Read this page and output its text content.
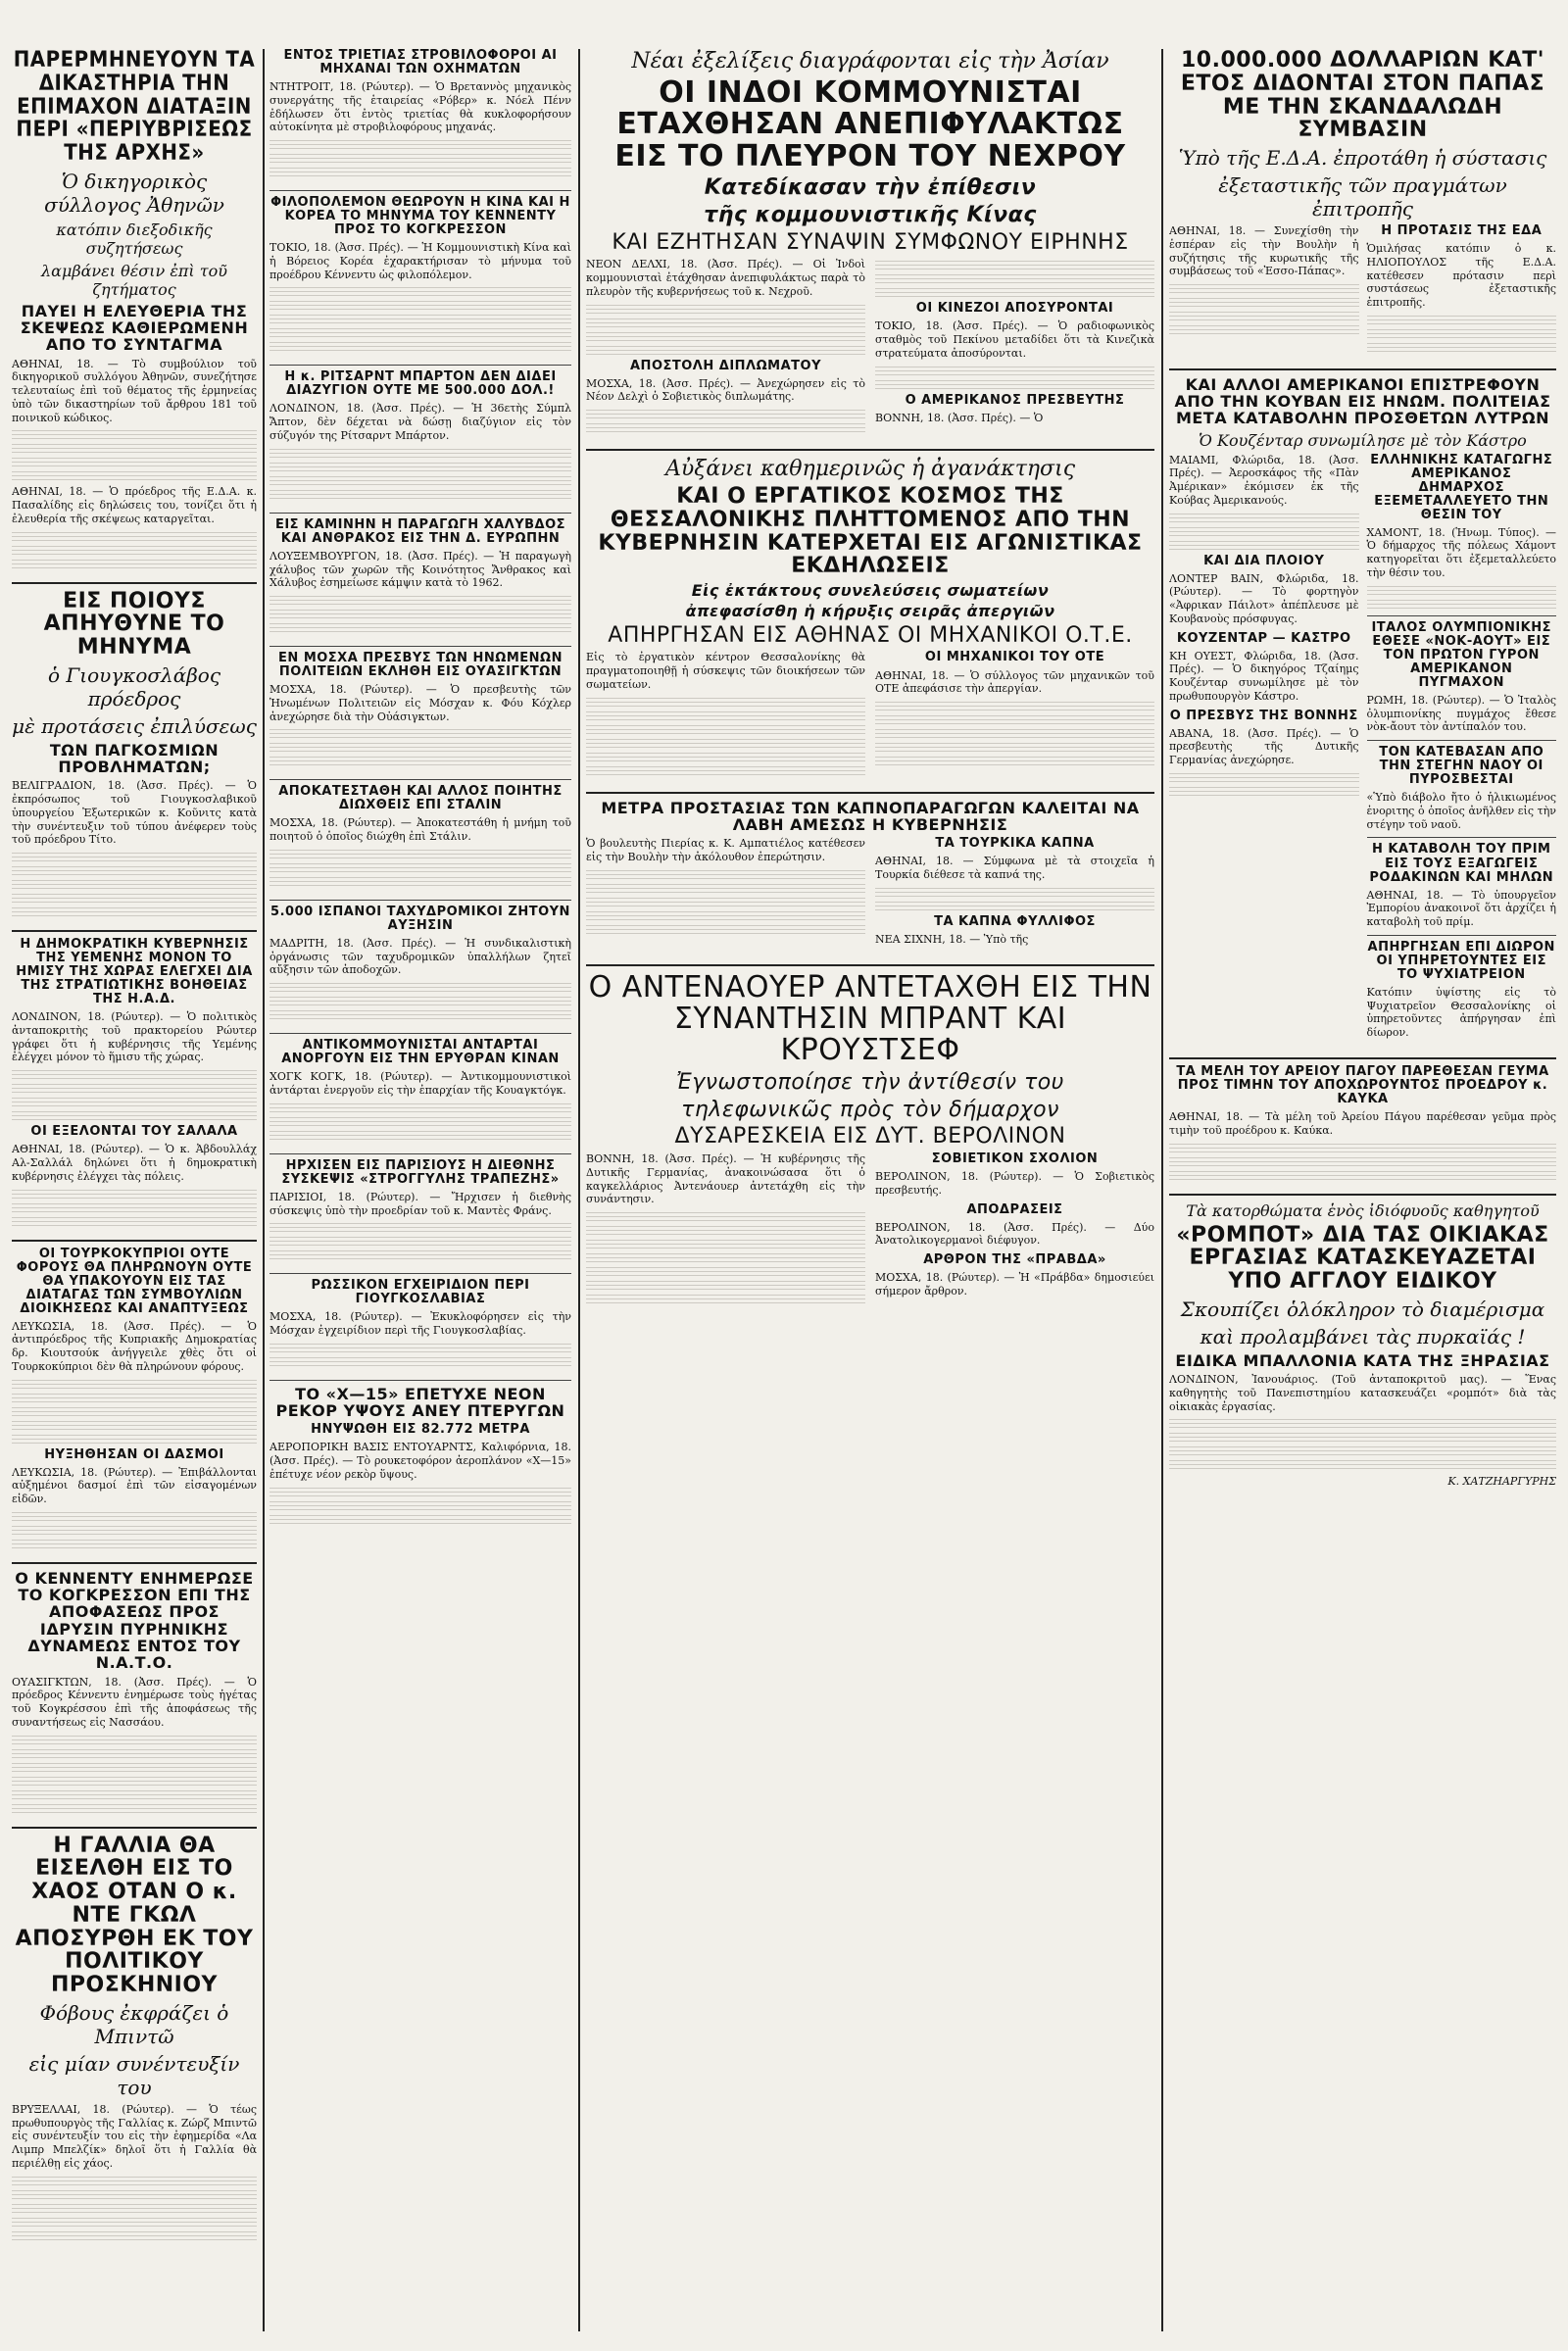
ΠΑΡΕΡΜΗΝΕΥΟΥΝ ΤΑ ΔΙΚΑΣΤΗΡΙΑ ΤΗΝ ΕΠΙΜΑΧΟΝ ΔΙΑΤΑΞΙΝ ΠΕΡΙ «ΠΕΡΙΥΒΡΙΣΕΩΣ ΤΗΣ ΑΡΧΗΣ»
Ὁ δικηγορικὸς σύλλογος Ἀθηνῶν
κατόπιν διεξοδικῆς συζητήσεως
λαμβάνει θέσιν ἐπὶ τοῦ ζητήματος
ΠΑΥΕΙ Η ΕΛΕΥΘΕΡΙΑ ΤΗΣ ΣΚΕΨΕΩΣ ΚΑΘΙΕΡΩΜΕΝΗ ΑΠΟ ΤΟ ΣΥΝΤΑΓΜΑ

ΑΘΗΝΑΙ, 18. — Τὸ συμβούλιον τοῦ δικηγορικοῦ συλλόγου Ἀθηνῶν, συνεζήτησε τελευταίως ἐπὶ τοῦ θέματος τῆς ἑρμηνείας ὑπὸ τῶν δικαστηρίων τοῦ ἄρθρου 181 τοῦ ποινικοῦ κώδικος.

ΑΘΗΝΑΙ, 18. — Ὁ πρόεδρος τῆς Ε.Δ.Α. κ. Πασαλίδης εἰς δηλώσεις του, τονίζει ὅτι ἡ ἐλευθερία τῆς σκέψεως καταργεῖται.

ΕΙΣ ΠΟΙΟΥΣ ΑΠΗΥΘΥΝΕ ΤΟ ΜΗΝΥΜΑ
ὁ Γιουγκοσλάβος πρόεδρος
μὲ προτάσεις ἐπιλύσεως
ΤΩΝ ΠΑΓΚΟΣΜΙΩΝ ΠΡΟΒΛΗΜΑΤΩΝ;

ΒΕΛΙΓΡΑΔΙΟΝ, 18. (Ἀσσ. Πρές). — Ὁ ἐκπρόσωπος τοῦ Γιουγκοσλαβικοῦ ὑπουργείου Ἐξωτερικῶν κ. Κοῦνιτς κατὰ τὴν συνέντευξιν τοῦ τύπου ἀνέφερεν τοὺς τοῦ πρόεδρου Τίτο.

Η ΔΗΜΟΚΡΑΤΙΚΗ ΚΥΒΕΡΝΗΣΙΣ ΤΗΣ ΥΕΜΕΝΗΣ ΜΟΝΟΝ ΤΟ ΗΜΙΣΥ ΤΗΣ ΧΩΡΑΣ ΕΛΕΓΧΕΙ ΔΙΑ ΤΗΣ ΣΤΡΑΤΙΩΤΙΚΗΣ ΒΟΗΘΕΙΑΣ ΤΗΣ Η.Α.Δ.

ΛΟΝΔΙΝΟΝ, 18. (Ρώυτερ). — Ὁ πολιτικὸς ἀνταποκριτὴς τοῦ πρακτορείου Ρώυτερ γράφει ὅτι ἡ κυβέρνησις τῆς Υεμένης ἐλέγχει μόνον τὸ ἥμισυ τῆς χώρας.

ΟΙ ΕΞΕΛΟΝΤΑΙ ΤΟΥ ΣΑΛΑΛΑ

ΑΘΗΝΑΙ, 18. (Ρώυτερ). — Ὁ κ. Ἀβδουλλάχ Αλ-Σαλλάλ δηλώνει ὅτι ἡ δημοκρατικὴ κυβέρνησις ἐλέγχει τὰς πόλεις.

ΟΙ ΤΟΥΡΚΟΚΥΠΡΙΟΙ ΟΥΤΕ ΦΟΡΟΥΣ ΘΑ ΠΛΗΡΩΝΟΥΝ ΟΥΤΕ ΘΑ ΥΠΑΚΟΥΟΥΝ ΕΙΣ ΤΑΣ ΔΙΑΤΑΓΑΣ ΤΩΝ ΣΥΜΒΟΥΛΙΩΝ ΔΙΟΙΚΗΣΕΩΣ ΚΑΙ ΑΝΑΠΤΥΞΕΩΣ

ΛΕΥΚΩΣΙΑ, 18. (Ἀσσ. Πρές). — Ὁ ἀντιπρόεδρος τῆς Κυπριακῆς Δημοκρατίας δρ. Κιουτσούκ ἀνήγγειλε χθὲς ὅτι οἱ Τουρκοκύπριοι δὲν θὰ πληρώνουν φόρους.

ΗΥΞΗΘΗΣΑΝ ΟΙ ΔΑΣΜΟΙ

ΛΕΥΚΩΣΙΑ, 18. (Ρώυτερ). — Ἐπιβάλλονται αὐξημένοι δασμοί ἐπὶ τῶν εἰσαγομένων εἰδῶν.

Ο ΚΕΝΝΕΝΤΥ ΕΝΗΜΕΡΩΣΕ ΤΟ ΚΟΓΚΡΕΣΣΟΝ ΕΠΙ ΤΗΣ ΑΠΟΦΑΣΕΩΣ ΠΡΟΣ ΙΔΡΥΣΙΝ ΠΥΡΗΝΙΚΗΣ ΔΥΝΑΜΕΩΣ ΕΝΤΟΣ ΤΟΥ Ν.Α.Τ.Ο.

ΟΥΑΣΙΓΚΤΩΝ, 18. (Ἀσσ. Πρές). — Ὁ πρόεδρος Κέννεντυ ἐνημέρωσε τοὺς ἡγέτας τοῦ Κογκρέσσου ἐπὶ τῆς ἀποφάσεως τῆς συναντήσεως εἰς Νασσάου.

Η ΓΑΛΛΙΑ ΘΑ ΕΙΣΕΛΘΗ ΕΙΣ ΤΟ ΧΑΟΣ ΟΤΑΝ Ο κ. ΝΤΕ ΓΚΩΛ ΑΠΟΣΥΡΘΗ ΕΚ ΤΟΥ ΠΟΛΙΤΙΚΟΥ ΠΡΟΣΚΗΝΙΟΥ
Φόβους ἐκφράζει ὁ Μπιντῶ
εἰς μίαν συνέντευξίν του

ΒΡΥΞΕΛΛΑΙ, 18. (Ρώυτερ). — Ὁ τέως πρωθυπουργὸς τῆς Γαλλίας κ. Ζώρζ Μπιντῶ εἰς συνέντευξίν του εἰς τὴν ἐφημερίδα «Λα Λιμπρ Μπελζίκ» δηλοῖ ὅτι ἡ Γαλλία θὰ περιέλθῃ εἰς χάος.

ΕΝΤΟΣ ΤΡΙΕΤΙΑΣ ΣΤΡΟΒΙΛΟΦΟΡΟΙ ΑΙ ΜΗΧΑΝΑΙ ΤΩΝ ΟΧΗΜΑΤΩΝ

ΝΤΗΤΡΟΙΤ, 18. (Ρώυτερ). — Ὁ Βρεταννὸς μηχανικὸς συνεργάτης τῆς ἑταιρείας «Ρόβερ» κ. Νόελ Πένν ἐδήλωσεν ὅτι ἐντὸς τριετίας θὰ κυκλοφορήσουν αὐτοκίνητα μὲ στροβιλοφόρους μηχανάς.

ΦΙΛΟΠΟΛΕΜΟΝ ΘΕΩΡΟΥΝ Η ΚΙΝΑ ΚΑΙ Η ΚΟΡΕΑ ΤΟ ΜΗΝΥΜΑ ΤΟΥ ΚΕΝΝΕΝΤΥ ΠΡΟΣ ΤΟ ΚΟΓΚΡΕΣΣΟΝ

ΤΟΚΙΟ, 18. (Ἀσσ. Πρές). — Ἡ Κομμουνιστικὴ Κίνα καὶ ἡ Βόρειος Κορέα ἐχαρακτήρισαν τὸ μήνυμα τοῦ προέδρου Κέννεντυ ὡς φιλοπόλεμον.

Η κ. ΡΙΤΣΑΡΝΤ ΜΠΑΡΤΟΝ ΔΕΝ ΔΙΔΕΙ ΔΙΑΖΥΓΙΟΝ ΟΥΤΕ ΜΕ 500.000 ΔΟΛ.!

ΛΟΝΔΙΝΟΝ, 18. (Ἀσσ. Πρές). — Ἡ 36ετὴς Σύμπλ Ἄπτον, δὲν δέχεται νὰ δώσῃ διαζύγιον εἰς τὸν σύζυγόν της Ρίτσαρντ Μπάρτον.

ΕΙΣ ΚΑΜΙΝΗΝ Η ΠΑΡΑΓΩΓΗ ΧΑΛΥΒΔΟΣ ΚΑΙ ΑΝΘΡΑΚΟΣ ΕΙΣ ΤΗΝ Δ. ΕΥΡΩΠΗΝ

ΛΟΥΞΕΜΒΟΥΡΓΟΝ, 18. (Ἀσσ. Πρές). — Ἡ παραγωγὴ χάλυβος τῶν χωρῶν τῆς Κοινότητος Ἄνθρακος καὶ Χάλυβος ἐσημείωσε κάμψιν κατὰ τὸ 1962.

ΕΝ ΜΟΣΧΑ ΠΡΕΣΒΥΣ ΤΩΝ ΗΝΩΜΕΝΩΝ ΠΟΛΙΤΕΙΩΝ ΕΚΛΗΘΗ ΕΙΣ ΟΥΑΣΙΓΚΤΩΝ

ΜΟΣΧΑ, 18. (Ρώυτερ). — Ὁ πρεσβευτὴς τῶν Ἡνωμένων Πολιτειῶν εἰς Μόσχαν κ. Φόυ Κόχλερ ἀνεχώρησε διὰ τὴν Οὐάσιγκτων.

ΑΠΟΚΑΤΕΣΤΑΘΗ ΚΑΙ ΑΛΛΟΣ ΠΟΙΗΤΗΣ ΔΙΩΧΘΕΙΣ ΕΠΙ ΣΤΑΛΙΝ

ΜΟΣΧΑ, 18. (Ρώυτερ). — Ἀποκατεστάθη ἡ μνήμη τοῦ ποιητοῦ ὁ ὁποῖος διώχθη ἐπὶ Στάλιν.

5.000 ΙΣΠΑΝΟΙ ΤΑΧΥΔΡΟΜΙΚΟΙ ΖΗΤΟΥΝ ΑΥΞΗΣΙΝ

ΜΑΔΡΙΤΗ, 18. (Ἀσσ. Πρές). — Ἡ συνδικαλιστικὴ ὀργάνωσις τῶν ταχυδρομικῶν ὑπαλλήλων ζητεῖ αὔξησιν τῶν ἀποδοχῶν.

ΑΝΤΙΚΟΜΜΟΥΝΙΣΤΑΙ ΑΝΤΑΡΤΑΙ ΑΝΟΡΓΟΥΝ ΕΙΣ ΤΗΝ ΕΡΥΘΡΑΝ ΚΙΝΑΝ

ΧΟΓΚ ΚΟΓΚ, 18. (Ρώυτερ). — Ἀντικομμουνιστικοὶ ἀντάρται ἐνεργοῦν εἰς τὴν ἐπαρχίαν τῆς Κουαγκτόγκ.

ΗΡΧΙΣΕΝ ΕΙΣ ΠΑΡΙΣΙΟΥΣ Η ΔΙΕΘΝΗΣ ΣΥΣΚΕΨΙΣ «ΣΤΡΟΓΓΥΛΗΣ ΤΡΑΠΕΖΗΣ»

ΠΑΡΙΣΙΟΙ, 18. (Ρώυτερ). — Ἤρχισεν ἡ διεθνὴς σύσκεψις ὑπὸ τὴν προεδρίαν τοῦ κ. Μαντὲς Φράνς.

ΡΩΣΣΙΚΟΝ ΕΓΧΕΙΡΙΔΙΟΝ ΠΕΡΙ ΓΙΟΥΓΚΟΣΛΑΒΙΑΣ

ΜΟΣΧΑ, 18. (Ρώυτερ). — Ἐκυκλοφόρησεν εἰς τὴν Μόσχαν ἐγχειρίδιον περὶ τῆς Γιουγκοσλαβίας.

ΤΟ «Χ—15» ΕΠΕΤΥΧΕ ΝΕΟΝ ΡΕΚΟΡ ΥΨΟΥΣ ΑΝΕΥ ΠΤΕΡΥΓΩΝ
ΗΝΥΨΩΘΗ ΕΙΣ 82.772 ΜΕΤΡΑ

ΑΕΡΟΠΟΡΙΚΗ ΒΑΣΙΣ ΕΝΤΟΥΑΡΝΤΣ, Καλιφόρνια, 18. (Ἀσσ. Πρές). — Τὸ ρουκετοφόρον ἀεροπλάνον «Χ—15» ἐπέτυχε νέον ρεκὸρ ὕψους.

Νέαι ἐξελίξεις διαγράφονται εἰς τὴν Ἀσίαν
ΟΙ ΙΝΔΟΙ ΚΟΜΜΟΥΝΙΣΤΑΙ ΕΤΑΧΘΗΣΑΝ ΑΝΕΠΙΦΥΛΑΚΤΩΣ ΕΙΣ ΤΟ ΠΛΕΥΡΟΝ ΤΟΥ ΝΕΧΡΟΥ
Κατεδίκασαν τὴν ἐπίθεσιν
τῆς κομμουνιστικῆς Κίνας
ΚΑΙ ΕΖΗΤΗΣΑΝ ΣΥΝΑΨΙΝ ΣΥΜΦΩΝΟΥ ΕΙΡΗΝΗΣ

ΝΕΟΝ ΔΕΛΧΙ, 18. (Ἀσσ. Πρές). — Οἱ Ἰνδοὶ κομμουνισταὶ ἐτάχθησαν ἀνεπιφυλάκτως παρὰ τὸ πλευρὸν τῆς κυβερνήσεως τοῦ κ. Νεχροῦ.

ΑΠΟΣΤΟΛΗ ΔΙΠΛΩΜΑΤΟΥ

ΜΟΣΧΑ, 18. (Ἀσσ. Πρές). — Ἀνεχώρησεν εἰς τὸ Νέον Δελχὶ ὁ Σοβιετικὸς διπλωμάτης.

ΟΙ ΚΙΝΕΖΟΙ ΑΠΟΣΥΡΟΝΤΑΙ

ΤΟΚΙΟ, 18. (Ἀσσ. Πρές). — Ὁ ραδιοφωνικὸς σταθμὸς τοῦ Πεκίνου μεταδίδει ὅτι τὰ Κινεζικὰ στρατεύματα ἀποσύρονται.

Ο ΑΜΕΡΙΚΑΝΟΣ ΠΡΕΣΒΕΥΤΗΣ

ΒΟΝΝΗ, 18. (Ἀσσ. Πρές). — Ὁ

Αὐξάνει καθημερινῶς ἡ ἀγανάκτησις
ΚΑΙ Ο ΕΡΓΑΤΙΚΟΣ ΚΟΣΜΟΣ ΤΗΣ ΘΕΣΣΑΛΟΝΙΚΗΣ ΠΛΗΤΤΟΜΕΝΟΣ ΑΠΟ ΤΗΝ ΚΥΒΕΡΝΗΣΙΝ ΚΑΤΕΡΧΕΤΑΙ ΕΙΣ ΑΓΩΝΙΣΤΙΚΑΣ ΕΚΔΗΛΩΣΕΙΣ
Εἰς ἐκτάκτους συνελεύσεις σωματείων
ἀπεφασίσθη ἡ κήρυξις σειρᾶς ἀπεργιῶν
ΑΠΗΡΓΗΣΑΝ ΕΙΣ ΑΘΗΝΑΣ ΟΙ ΜΗΧΑΝΙΚΟΙ Ο.Τ.Ε.

Εἰς τὸ ἐργατικὸν κέντρον Θεσσαλονίκης θὰ πραγματοποιηθῇ ἡ σύσκεψις τῶν διοικήσεων τῶν σωματείων.

ΟΙ ΜΗΧΑΝΙΚΟΙ ΤΟΥ ΟΤΕ

ΑΘΗΝΑΙ, 18. — Ὁ σύλλογος τῶν μηχανικῶν τοῦ ΟΤΕ ἀπεφάσισε τὴν ἀπεργίαν.

ΜΕΤΡΑ ΠΡΟΣΤΑΣΙΑΣ ΤΩΝ ΚΑΠΝΟΠΑΡΑΓΩΓΩΝ ΚΑΛΕΙΤΑΙ ΝΑ ΛΑΒΗ ΑΜΕΣΩΣ Η ΚΥΒΕΡΝΗΣΙΣ

Ὁ βουλευτὴς Πιερίας κ. Κ. Αμπατιέλος κατέθεσεν εἰς τὴν Βουλὴν τὴν ἀκόλουθον ἐπερώτησιν.

ΤΑ ΤΟΥΡΚΙΚΑ ΚΑΠΝΑ

ΑΘΗΝΑΙ, 18. — Σύμφωνα μὲ τὰ στοιχεῖα ἡ Τουρκία διέθεσε τὰ καπνά της.

ΤΑ ΚΑΠΝΑ ΦΥΛΛΙΦΟΣ

ΝΕΑ ΣΙΧΝΗ, 18. — Ὑπὸ τῆς

Ο ΑΝΤΕΝΑΟΥΕΡ ΑΝΤΕΤΑΧΘΗ ΕΙΣ ΤΗΝ ΣΥΝΑΝΤΗΣΙΝ ΜΠΡΑΝΤ ΚΑΙ ΚΡΟΥΣΤΣΕΦ
Ἐγνωστοποίησε τὴν ἀντίθεσίν του
τηλεφωνικῶς πρὸς τὸν δήμαρχον
ΔΥΣΑΡΕΣΚΕΙΑ ΕΙΣ ΔΥΤ. ΒΕΡΟΛΙΝΟΝ

ΒΟΝΝΗ, 18. (Ἀσσ. Πρές). — Ἡ κυβέρνησις τῆς Δυτικῆς Γερμανίας, ἀνακοινώσασα ὅτι ὁ καγκελλάριος Ἀντενάουερ ἀντετάχθη εἰς τὴν συνάντησιν.

ΣΟΒΙΕΤΙΚΟΝ ΣΧΟΛΙΟΝ

ΒΕΡΟΛΙΝΟΝ, 18. (Ρώυτερ). — Ὁ Σοβιετικὸς πρεσβευτής.

ΑΠΟΔΡΑΣΕΙΣ

ΒΕΡΟΛΙΝΟΝ, 18. (Ἀσσ. Πρές). — Δύο Ἀνατολικογερμανοὶ διέφυγον.

ΑΡΘΡΟΝ ΤΗΣ «ΠΡΑΒΔΑ»

ΜΟΣΧΑ, 18. (Ρώυτερ). — Ἡ «Πράβδα» δημοσιεύει σήμερον ἄρθρον.

10.000.000 ΔΟΛΛΑΡΙΩΝ ΚΑΤ' ΕΤΟΣ ΔΙΔΟΝΤΑΙ ΣΤΟΝ ΠΑΠΑΣ ΜΕ ΤΗΝ ΣΚΑΝΔΑΛΩΔΗ ΣΥΜΒΑΣΙΝ
Ὑπὸ τῆς Ε.Δ.Α. ἐπροτάθη ἡ σύστασις
ἐξεταστικῆς τῶν πραγμάτων ἐπιτροπῆς

ΑΘΗΝΑΙ, 18. — Συνεχίσθη τὴν ἑσπέραν εἰς τὴν Βουλὴν ἡ συζήτησις τῆς κυρωτικῆς τῆς συμβάσεως τοῦ «Ἐσσο-Πάπας».

Η ΠΡΟΤΑΣΙΣ ΤΗΣ ΕΔΑ

Ὁμιλήσας κατόπιν ὁ κ. ΗΛΙΟΠΟΥΛΟΣ τῆς Ε.Δ.Α. κατέθεσεν πρότασιν περὶ συστάσεως ἐξεταστικῆς ἐπιτροπῆς.

ΚΑΙ ΑΛΛΟΙ ΑΜΕΡΙΚΑΝΟΙ ΕΠΙΣΤΡΕΦΟΥΝ ΑΠΟ ΤΗΝ ΚΟΥΒΑΝ ΕΙΣ ΗΝΩΜ. ΠΟΛΙΤΕΙΑΣ ΜΕΤΑ ΚΑΤΑΒΟΛΗΝ ΠΡΟΣΘΕΤΩΝ ΛΥΤΡΩΝ
Ὁ Κουζένταρ συνωμίλησε μὲ τὸν Κάστρο

ΜΑΙΑΜΙ, Φλώριδα, 18. (Ἀσσ. Πρές). — Ἀεροσκάφος τῆς «Πὰν Ἀμέρικαν» ἐκόμισεν ἐκ τῆς Κούβας Ἀμερικανούς.

ΚΑΙ ΔΙΑ ΠΛΟΙΟΥ

ΛΟΝΤΕΡ ΒΑΙΝ, Φλώριδα, 18. (Ρώυτερ). — Τὸ φορτηγὸν «Ἀφρικαν Πάιλοτ» ἀπέπλευσε μὲ Κουβανοὺς πρόσφυγας.

ΚΟΥΖΕΝΤΑΡ — ΚΑΣΤΡΟ

ΚΗ ΟΥΕΣΤ, Φλώριδα, 18. (Ἀσσ. Πρές). — Ὁ δικηγόρος Τζαίημς Κουζένταρ συνωμίλησε μὲ τὸν πρωθυπουργὸν Κάστρο.

Ο ΠΡΕΣΒΥΣ ΤΗΣ ΒΟΝΝΗΣ

ΑΒΑΝΑ, 18. (Ἀσσ. Πρές). — Ὁ πρεσβευτὴς τῆς Δυτικῆς Γερμανίας ἀνεχώρησε.

ΕΛΛΗΝΙΚΗΣ ΚΑΤΑΓΩΓΗΣ ΑΜΕΡΙΚΑΝΟΣ ΔΗΜΑΡΧΟΣ ΕΞΕΜΕΤΑΛΛΕΥΕΤΟ ΤΗΝ ΘΕΣΙΝ ΤΟΥ

ΧΑΜΟΝΤ, 18. (Ἡνωμ. Τύπος). — Ὁ δήμαρχος τῆς πόλεως Χάμοντ κατηγορεῖται ὅτι ἐξεμεταλλεύετο τὴν θέσιν του.

ΙΤΑΛΟΣ ΟΛΥΜΠΙΟΝΙΚΗΣ ΕΘΕΣΕ «ΝΟΚ-ΑΟΥΤ» ΕΙΣ ΤΟΝ ΠΡΩΤΟΝ ΓΥΡΟΝ ΑΜΕΡΙΚΑΝΟΝ ΠΥΓΜΑΧΟΝ

ΡΩΜΗ, 18. (Ρώυτερ). — Ὁ Ἰταλὸς ὀλυμπιονίκης πυγμάχος ἔθεσε νὸκ-ἄουτ τὸν ἀντίπαλόν του.

ΤΟΝ ΚΑΤΕΒΑΣΑΝ ΑΠΟ ΤΗΝ ΣΤΕΓΗΝ ΝΑΟΥ ΟΙ ΠΥΡΟΣΒΕΣΤΑΙ

«Ὑπὸ διάβολο ἤτο ὁ ἡλικιωμένος ἐνοριτης ὁ ὁποῖος ἀνῆλθεν εἰς τὴν στέγην τοῦ ναοῦ.

Η ΚΑΤΑΒΟΛΗ ΤΟΥ ΠΡΙΜ ΕΙΣ ΤΟΥΣ ΕΞΑΓΩΓΕΙΣ ΡΟΔΑΚΙΝΩΝ ΚΑΙ ΜΗΛΩΝ

ΑΘΗΝΑΙ, 18. — Τὸ ὑπουργεῖον Ἐμπορίου ἀνακοινοῖ ὅτι ἀρχίζει ἡ καταβολὴ τοῦ πρίμ.

ΑΠΗΡΓΗΣΑΝ ΕΠΙ ΔΙΩΡΟΝ ΟΙ ΥΠΗΡΕΤΟΥΝΤΕΣ ΕΙΣ ΤΟ ΨΥΧΙΑΤΡΕΙΟΝ

Κατόπιν ὑψίστης εἰς τὸ Ψυχιατρεῖον Θεσσαλονίκης οἱ ὑπηρετοῦντες ἀπήργησαν ἐπὶ δίωρον.

ΤΑ ΜΕΛΗ ΤΟΥ ΑΡΕΙΟΥ ΠΑΓΟΥ ΠΑΡΕΘΕΣΑΝ ΓΕΥΜΑ ΠΡΟΣ ΤΙΜΗΝ ΤΟΥ ΑΠΟΧΩΡΟΥΝΤΟΣ ΠΡΟΕΔΡΟΥ κ. ΚΑΥΚΑ

ΑΘΗΝΑΙ, 18. — Τὰ μέλη τοῦ Ἀρείου Πάγου παρέθεσαν γεῦμα πρὸς τιμὴν τοῦ προέδρου κ. Καύκα.

Τὰ κατορθώματα ἑνὸς ἰδιόφυοῦς καθηγητοῦ
«ΡΟΜΠΟΤ» ΔΙΑ ΤΑΣ ΟΙΚΙΑΚΑΣ ΕΡΓΑΣΙΑΣ ΚΑΤΑΣΚΕΥΑΖΕΤΑΙ ΥΠΟ ΑΓΓΛΟΥ ΕΙΔΙΚΟΥ
Σκουπίζει ὁλόκληρον τὸ διαμέρισμα
καὶ προλαμβάνει τὰς πυρκαϊάς !
ΕΙΔΙΚΑ ΜΠΑΛΛΟΝΙΑ ΚΑΤΑ ΤΗΣ ΞΗΡΑΣΙΑΣ

ΛΟΝΔΙΝΟΝ, Ἰανουάριος. (Τοῦ ἀνταποκριτοῦ μας). — Ἕνας καθηγητὴς τοῦ Πανεπιστημίου κατασκευάζει «ρομπότ» διὰ τὰς οἰκιακὰς ἐργασίας.

Κ. ΧΑΤΖΗΑΡΓΥΡΗΣ
